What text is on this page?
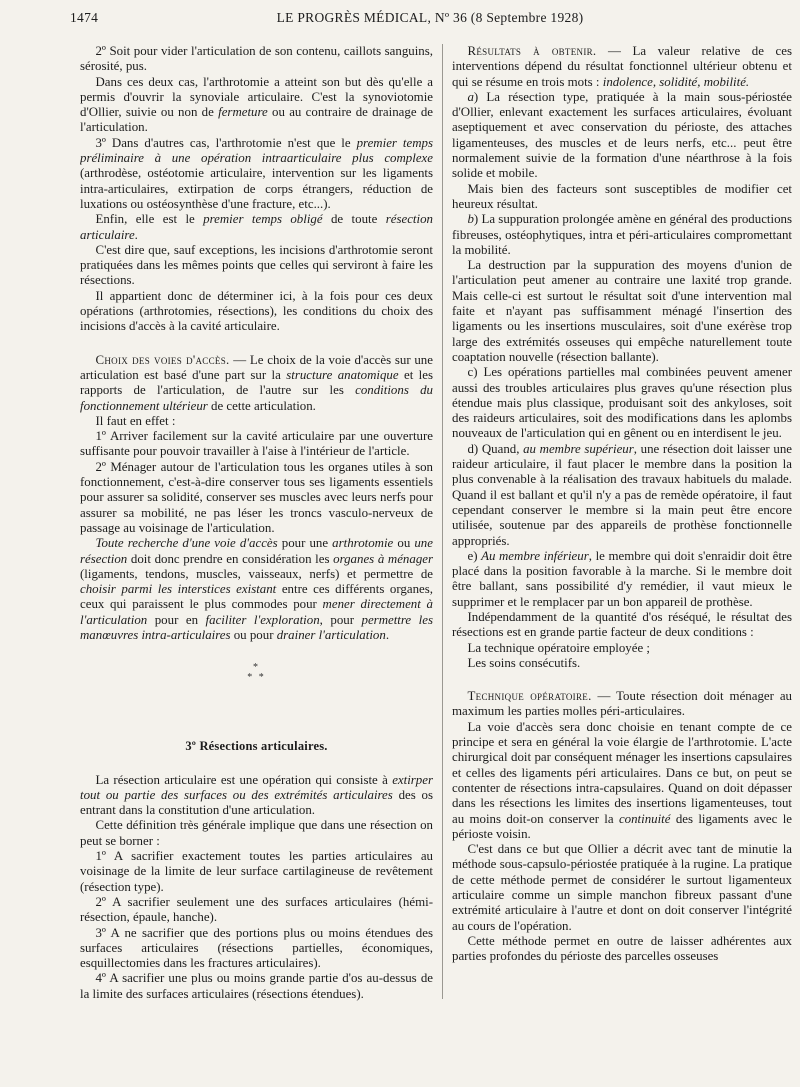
1474	LE PROGRÈS MÉDICAL, Nº 36 (8 Septembre 1928)

2º Soit pour vider l'articulation de son contenu, caillots sanguins, sérosité, pus.

Dans ces deux cas, l'arthrotomie a atteint son but dès qu'elle a permis d'ouvrir la synoviale articulaire. C'est la synoviotomie d'Ollier, suivie ou non de fermeture ou au contraire de drainage de l'articulation.

3º Dans d'autres cas, l'arthrotomie n'est que le premier temps préliminaire à une opération intraarticulaire plus complexe (arthrodèse, ostéotomie articulaire, intervention sur les ligaments intra-articulaires, extirpation de corps étrangers, réduction de luxations ou ostéosynthèse d'une fracture, etc...).

Enfin, elle est le premier temps obligé de toute résection articulaire.

C'est dire que, sauf exceptions, les incisions d'arthrotomie seront pratiquées dans les mêmes points que celles qui serviront à faire les résections.

Il appartient donc de déterminer ici, à la fois pour ces deux opérations (arthrotomies, résections), les conditions du choix des incisions d'accès à la cavité articulaire.

Choix des voies d'accès. — Le choix de la voie d'accès sur une articulation est basé d'une part sur la structure anatomique et les rapports de l'articulation, de l'autre sur les conditions du fonctionnement ultérieur de cette articulation.

Il faut en effet :

1º Arriver facilement sur la cavité articulaire par une ouverture suffisante pour pouvoir travailler à l'aise à l'intérieur de l'article.

2º Ménager autour de l'articulation tous les organes utiles à son fonctionnement, c'est-à-dire conserver tous ses ligaments essentiels pour assurer sa solidité, conserver ses muscles avec leurs nerfs pour assurer sa mobilité, ne pas léser les troncs vasculo-nerveux de passage au voisinage de l'articulation.

Toute recherche d'une voie d'accès pour une arthrotomie ou une résection doit donc prendre en considération les organes à ménager (ligaments, tendons, muscles, vaisseaux, nerfs) et permettre de choisir parmi les interstices existant entre ces différents organes, ceux qui paraissent le plus commodes pour mener directement à l'articulation pour en faciliter l'exploration, pour permettre les manœuvres intra-articulaires ou pour drainer l'articulation.

*
* *
3º Résections articulaires.

La résection articulaire est une opération qui consiste à extirper tout ou partie des surfaces ou des extrémités articulaires des os entrant dans la constitution d'une articulation.

Cette définition très générale implique que dans une résection on peut se borner :

1º A sacrifier exactement toutes les parties articulaires au voisinage de la limite de leur surface cartilagineuse de revêtement (résection type).

2º A sacrifier seulement une des surfaces articulaires (hémi-résection, épaule, hanche).

3º A ne sacrifier que des portions plus ou moins étendues des surfaces articulaires (résections partielles, économiques, esquillectomies dans les fractures articulaires).

4º A sacrifier une plus ou moins grande partie d'os au-dessus de la limite des surfaces articulaires (résections étendues).

Résultats à obtenir. — La valeur relative de ces interventions dépend du résultat fonctionnel ultérieur obtenu et qui se résume en trois mots : indolence, solidité, mobilité.

a) La résection type, pratiquée à la main sous-périostée d'Ollier, enlevant exactement les surfaces articulaires, évoluant aseptiquement et avec conservation du périoste, des attaches ligamenteuses, des muscles et de leurs nerfs, etc... peut être normalement suivie de la formation d'une néarthrose à la fois solide et mobile.

Mais bien des facteurs sont susceptibles de modifier cet heureux résultat.

b) La suppuration prolongée amène en général des productions fibreuses, ostéophytiques, intra et péri-articulaires compromettant la mobilité.

La destruction par la suppuration des moyens d'union de l'articulation peut amener au contraire une laxité trop grande. Mais celle-ci est surtout le résultat soit d'une intervention mal faite et n'ayant pas suffisamment ménagé l'insertion des ligaments ou les insertions musculaires, soit d'une exérèse trop large des extrémités osseuses qui empêche naturellement toute coaptation nouvelle (résection ballante).

c) Les opérations partielles mal combinées peuvent amener aussi des troubles articulaires plus graves qu'une résection plus étendue mais plus classique, produisant soit des ankyloses, soit des raideurs articulaires, soit des modifications dans les aplombs nouveaux de l'articulation qui en gênent ou en interdisent le jeu.

d) Quand, au membre supérieur, une résection doit laisser une raideur articulaire, il faut placer le membre dans la position la plus convenable à la réalisation des travaux habituels du malade. Quand il est ballant et qu'il n'y a pas de remède opératoire, il faut cependant conserver le membre si la main peut être encore utilisée, soutenue par des appareils de prothèse fonctionnelle appropriés.

e) Au membre inférieur, le membre qui doit s'enraidir doit être placé dans la position favorable à la marche. Si le membre doit être ballant, sans possibilité d'y remédier, il vaut mieux le supprimer et le remplacer par un bon appareil de prothèse.

Indépendamment de la quantité d'os réséqué, le résultat des résections est en grande partie facteur de deux conditions :

La technique opératoire employée ;

Les soins consécutifs.

Technique opératoire. — Toute résection doit ménager au maximum les parties molles péri-articulaires.

La voie d'accès sera donc choisie en tenant compte de ce principe et sera en général la voie élargie de l'arthrotomie. L'acte chirurgical doit par conséquent ménager les insertions capsulaires et celles des ligaments péri articulaires. Dans ce but, on peut se contenter de résections intra-capsulaires. Quand on doit dépasser dans les résections les limites des insertions ligamenteuses, tout au moins doit-on conserver la continuité des ligaments avec le périoste voisin.

C'est dans ce but que Ollier a décrit avec tant de minutie la méthode sous-capsulo-périostée pratiquée à la rugine. La pratique de cette méthode permet de considérer le surtout ligamenteux articulaire comme un simple manchon fibreux passant d'une extrémité articulaire à l'autre et dont on doit conserver l'intégrité au cours de l'opération.

Cette méthode permet en outre de laisser adhérentes aux parties profondes du périoste des parcelles osseuses
